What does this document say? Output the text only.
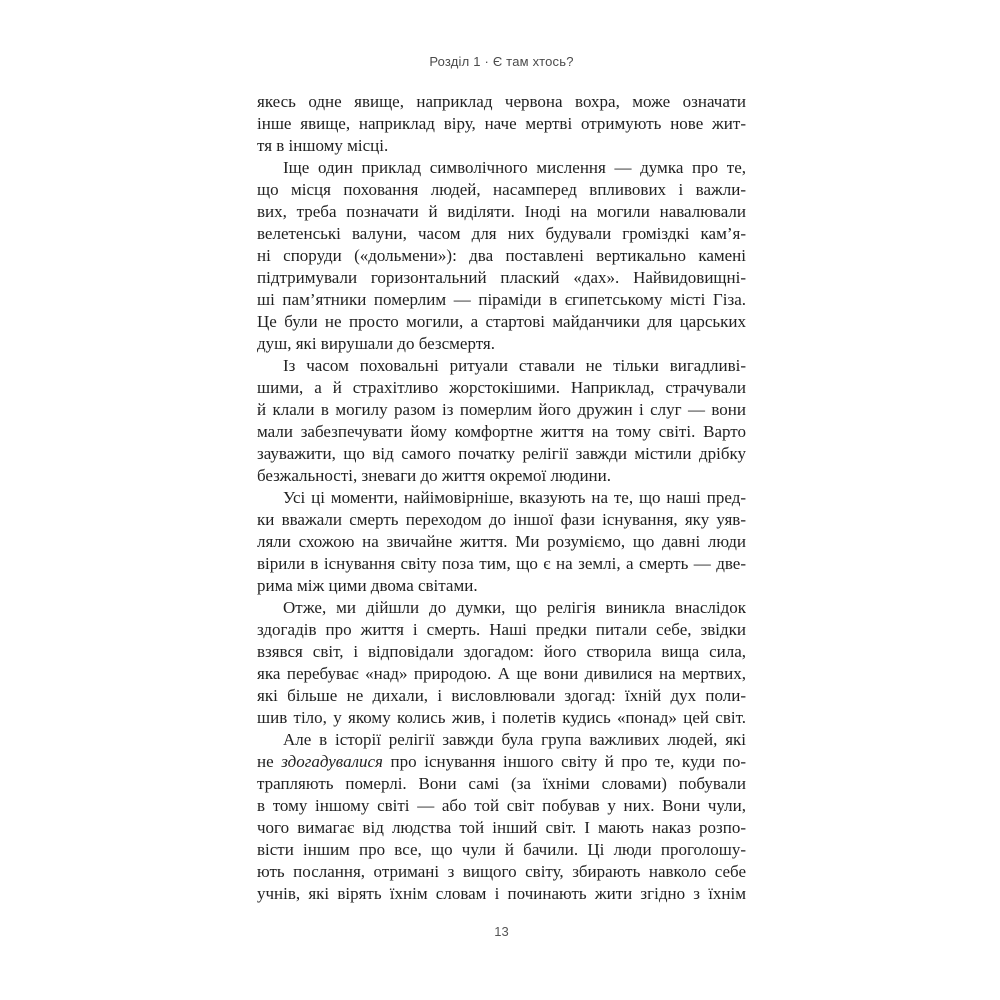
Розділ 1 · Є там хтось?
якесь одне явище, наприклад червона вохра, може означати
інше явище, наприклад віру, наче мертві отримують нове жит-
тя в іншому місці.
Іще один приклад символічного мислення — думка про те,
що місця поховання людей, насамперед впливових і важли-
вих, треба позначати й виділяти. Іноді на могили навалювали
велетенські валуни, часом для них будували громіздкі кам’я-
ні споруди («дольмени»): два поставлені вертикально камені
підтримували горизонтальний плаский «дах». Найвидовищні-
ші пам’ятники померлим — піраміди в єгипетському місті Гіза.
Це були не просто могили, а стартові майданчики для царських
душ, які вирушали до безсмертя.
Із часом поховальні ритуали ставали не тільки вигадливі-
шими, а й страхітливо жорстокішими. Наприклад, страчували
й клали в могилу разом із померлим його дружин і слуг — вони
мали забезпечувати йому комфортне життя на тому світі. Варто
зауважити, що від самого початку релігії завжди містили дрібку
безжальності, зневаги до життя окремої людини.
Усі ці моменти, найімовірніше, вказують на те, що наші пред-
ки вважали смерть переходом до іншої фази існування, яку уяв-
ляли схожою на звичайне життя. Ми розуміємо, що давні люди
вірили в існування світу поза тим, що є на землі, а смерть — две-
рима між цими двома світами.
Отже, ми дійшли до думки, що релігія виникла внаслідок
здогадів про життя і смерть. Наші предки питали себе, звідки
взявся світ, і відповідали здогадом: його створила вища сила,
яка перебуває «над» природою. А ще вони дивилися на мертвих,
які більше не дихали, і висловлювали здогад: їхній дух поли-
шив тіло, у якому колись жив, і полетів кудись «понад» цей світ.
Але в історії релігії завжди була група важливих людей, які
не здогадувалися про існування іншого світу й про те, куди по-
трапляють померлі. Вони самі (за їхніми словами) побували
в тому іншому світі — або той світ побував у них. Вони чули,
чого вимагає від людства той інший світ. І мають наказ розпо-
вісти іншим про все, що чули й бачили. Ці люди проголошу-
ють послання, отримані з вищого світу, збирають навколо себе
учнів, які вірять їхнім словам і починають жити згідно з їхнім
13
